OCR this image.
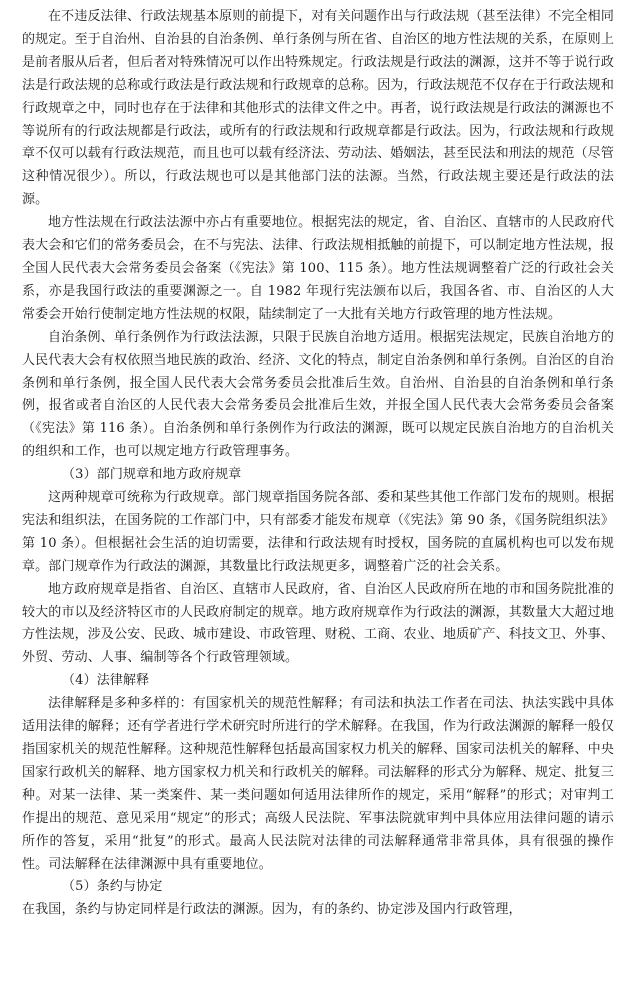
在不违反法律、行政法规基本原则的前提下，对有关问题作出与行政法规（甚至法律）不完全相同的规定。至于自治州、自治县的自治条例、单行条例与所在省、自治区的地方性法规的关系，在原则上是前者服从后者，但后者对特殊情况可以作出特殊规定。行政法规是行政法的渊源，这并不等于说行政法是行政法规的总称或行政法是行政法规和行政规章的总称。因为，行政法规范不仅存在于行政法规和行政规章之中，同时也存在于法律和其他形式的法律文件之中。再者，说行政法规是行政法的渊源也不等说所有的行政法规都是行政法，或所有的行政法规和行政规章都是行政法。因为，行政法规和行政规章不仅可以载有行政法规范，而且也可以载有经济法、劳动法、婚姻法，甚至民法和刑法的规范（尽管这种情况很少）。所以，行政法规也可以是其他部门法的法源。当然，行政法规主要还是行政法的法源。

地方性法规在行政法法源中亦占有重要地位。根据宪法的规定，省、自治区、直辖市的人民政府代表大会和它们的常务委员会，在不与宪法、法律、行政法规相抵触的前提下，可以制定地方性法规，报全国人民代表大会常务委员会备案（《宪法》第 100、115 条）。地方性法规调整着广泛的行政社会关系，亦是我国行政法的重要渊源之一。自 1982 年现行宪法颁布以后，我国各省、市、自治区的人大常委会开始行使制定地方性法规的权限，陆续制定了一大批有关地方行政管理的地方性法规。

自治条例、单行条例作为行政法法源，只限于民族自治地方适用。根据宪法规定，民族自治地方的人民代表大会有权依照当地民族的政治、经济、文化的特点，制定自治条例和单行条例。自治区的自治条例和单行条例，报全国人民代表大会常务委员会批准后生效。自治州、自治县的自治条例和单行条例，报省或者自治区的人民代表大会常务委员会批准后生效，并报全国人民代表大会常务委员会备案（《宪法》第 116 条）。自治条例和单行条例作为行政法的渊源，既可以规定民族自治地方的自治机关的组织和工作，也可以规定地方行政管理事务。

（3）部门规章和地方政府规章

这两种规章可统称为行政规章。部门规章指国务院各部、委和某些其他工作部门发布的规则。根据宪法和组织法，在国务院的工作部门中，只有部委才能发布规章（《宪法》第 90 条，《国务院组织法》第 10 条）。但根据社会生活的迫切需要，法律和行政法规有时授权，国务院的直属机构也可以发布规章。部门规章作为行政法的渊源，其数量比行政法规更多，调整着广泛的社会关系。

地方政府规章是指省、自治区、直辖市人民政府，省、自治区人民政府所在地的市和国务院批准的较大的市以及经济特区市的人民政府制定的规章。地方政府规章作为行政法的渊源，其数量大大超过地方性法规，涉及公安、民政、城市建设、市政管理、财税、工商、农业、地质矿产、科技文卫、外事、外贸、劳动、人事、编制等各个行政管理领域。

（4）法律解释

法律解释是多种多样的：有国家机关的规范性解释；有司法和执法工作者在司法、执法实践中具体适用法律的解释；还有学者进行学术研究时所进行的学术解释。在我国，作为行政法渊源的解释一般仅指国家机关的规范性解释。这种规范性解释包括最高国家权力机关的解释、国家司法机关的解释、中央国家行政机关的解释、地方国家权力机关和行政机关的解释。司法解释的形式分为解释、规定、批复三种。对某一法律、某一类案件、某一类问题如何适用法律所作的规定，采用“解释”的形式；对审判工作提出的规范、意见采用“规定”的形式；高级人民法院、军事法院就审判中具体应用法律问题的请示所作的答复，采用“批复”的形式。最高人民法院对法律的司法解释通常非常具体，具有很强的操作性。司法解释在法律渊源中具有重要地位。

（5）条约与协定

在我国，条约与协定同样是行政法的渊源。因为，有的条约、协定涉及国内行政管理，
